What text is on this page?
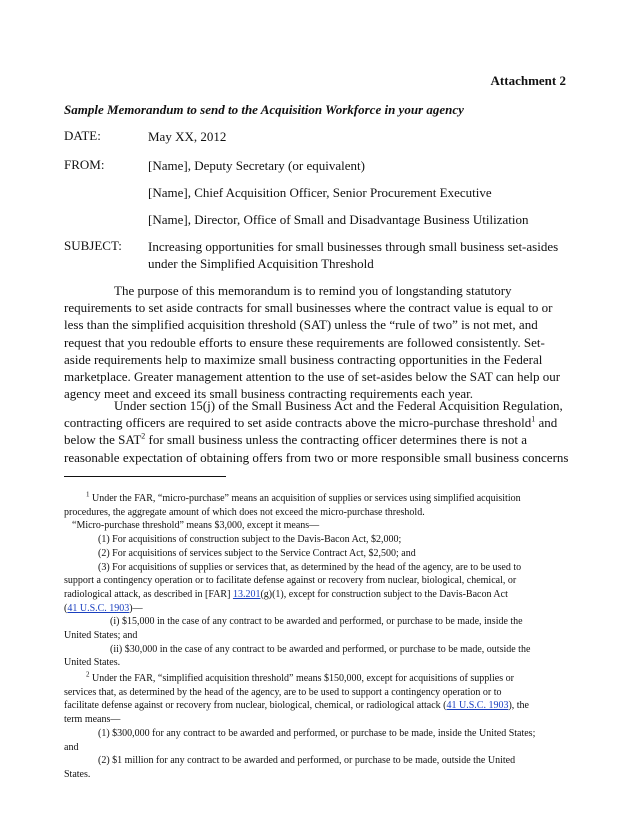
Attachment 2
Sample Memorandum to send to the Acquisition Workforce in your agency
DATE:	May XX, 2012
FROM:	[Name], Deputy Secretary (or equivalent)
[Name], Chief Acquisition Officer, Senior Procurement Executive
[Name], Director, Office of Small and Disadvantage Business Utilization
SUBJECT: Increasing opportunities for small businesses through small business set-asides
under the Simplified Acquisition Threshold
The purpose of this memorandum is to remind you of longstanding statutory
requirements to set aside contracts for small businesses where the contract value is equal to or
less than the simplified acquisition threshold (SAT) unless the “rule of two” is not met, and
request that you redouble efforts to ensure these requirements are followed consistently. Set-
aside requirements help to maximize small business contracting opportunities in the Federal
marketplace. Greater management attention to the use of set-asides below the SAT can help our
agency meet and exceed its small business contracting requirements each year.
Under section 15(j) of the Small Business Act and the Federal Acquisition Regulation,
contracting officers are required to set aside contracts above the micro-purchase threshold$^1$ and
below the SAT$^2$ for small business unless the contracting officer determines there is not a
reasonable expectation of obtaining offers from two or more responsible small business concerns
$^1$ Under the FAR, “micro-purchase” means an acquisition of supplies or services using simplified acquisition
procedures, the aggregate amount of which does not exceed the micro-purchase threshold.
“Micro-purchase threshold” means $3,000, except it means—
(1) For acquisitions of construction subject to the Davis-Bacon Act, $2,000;
(2) For acquisitions of services subject to the Service Contract Act, $2,500; and
(3) For acquisitions of supplies or services that, as determined by the head of the agency, are to be used to
support a contingency operation or to facilitate defense against or recovery from nuclear, biological, chemical, or
radiological attack, as described in [FAR] 13.201(g)(1), except for construction subject to the Davis-Bacon Act
(41 U.S.C. 1903)—
(i) $15,000 in the case of any contract to be awarded and performed, or purchase to be made, inside the
United States; and
(ii) $30,000 in the case of any contract to be awarded and performed, or purchase to be made, outside the
United States.
$^2$ Under the FAR, “simplified acquisition threshold” means $150,000, except for acquisitions of supplies or
services that, as determined by the head of the agency, are to be used to support a contingency operation or to
facilitate defense against or recovery from nuclear, biological, chemical, or radiological attack (41 U.S.C. 1903), the
term means—
(1) $300,000 for any contract to be awarded and performed, or purchase to be made, inside the United States;
and
(2) $1 million for any contract to be awarded and performed, or purchase to be made, outside the United
States.
